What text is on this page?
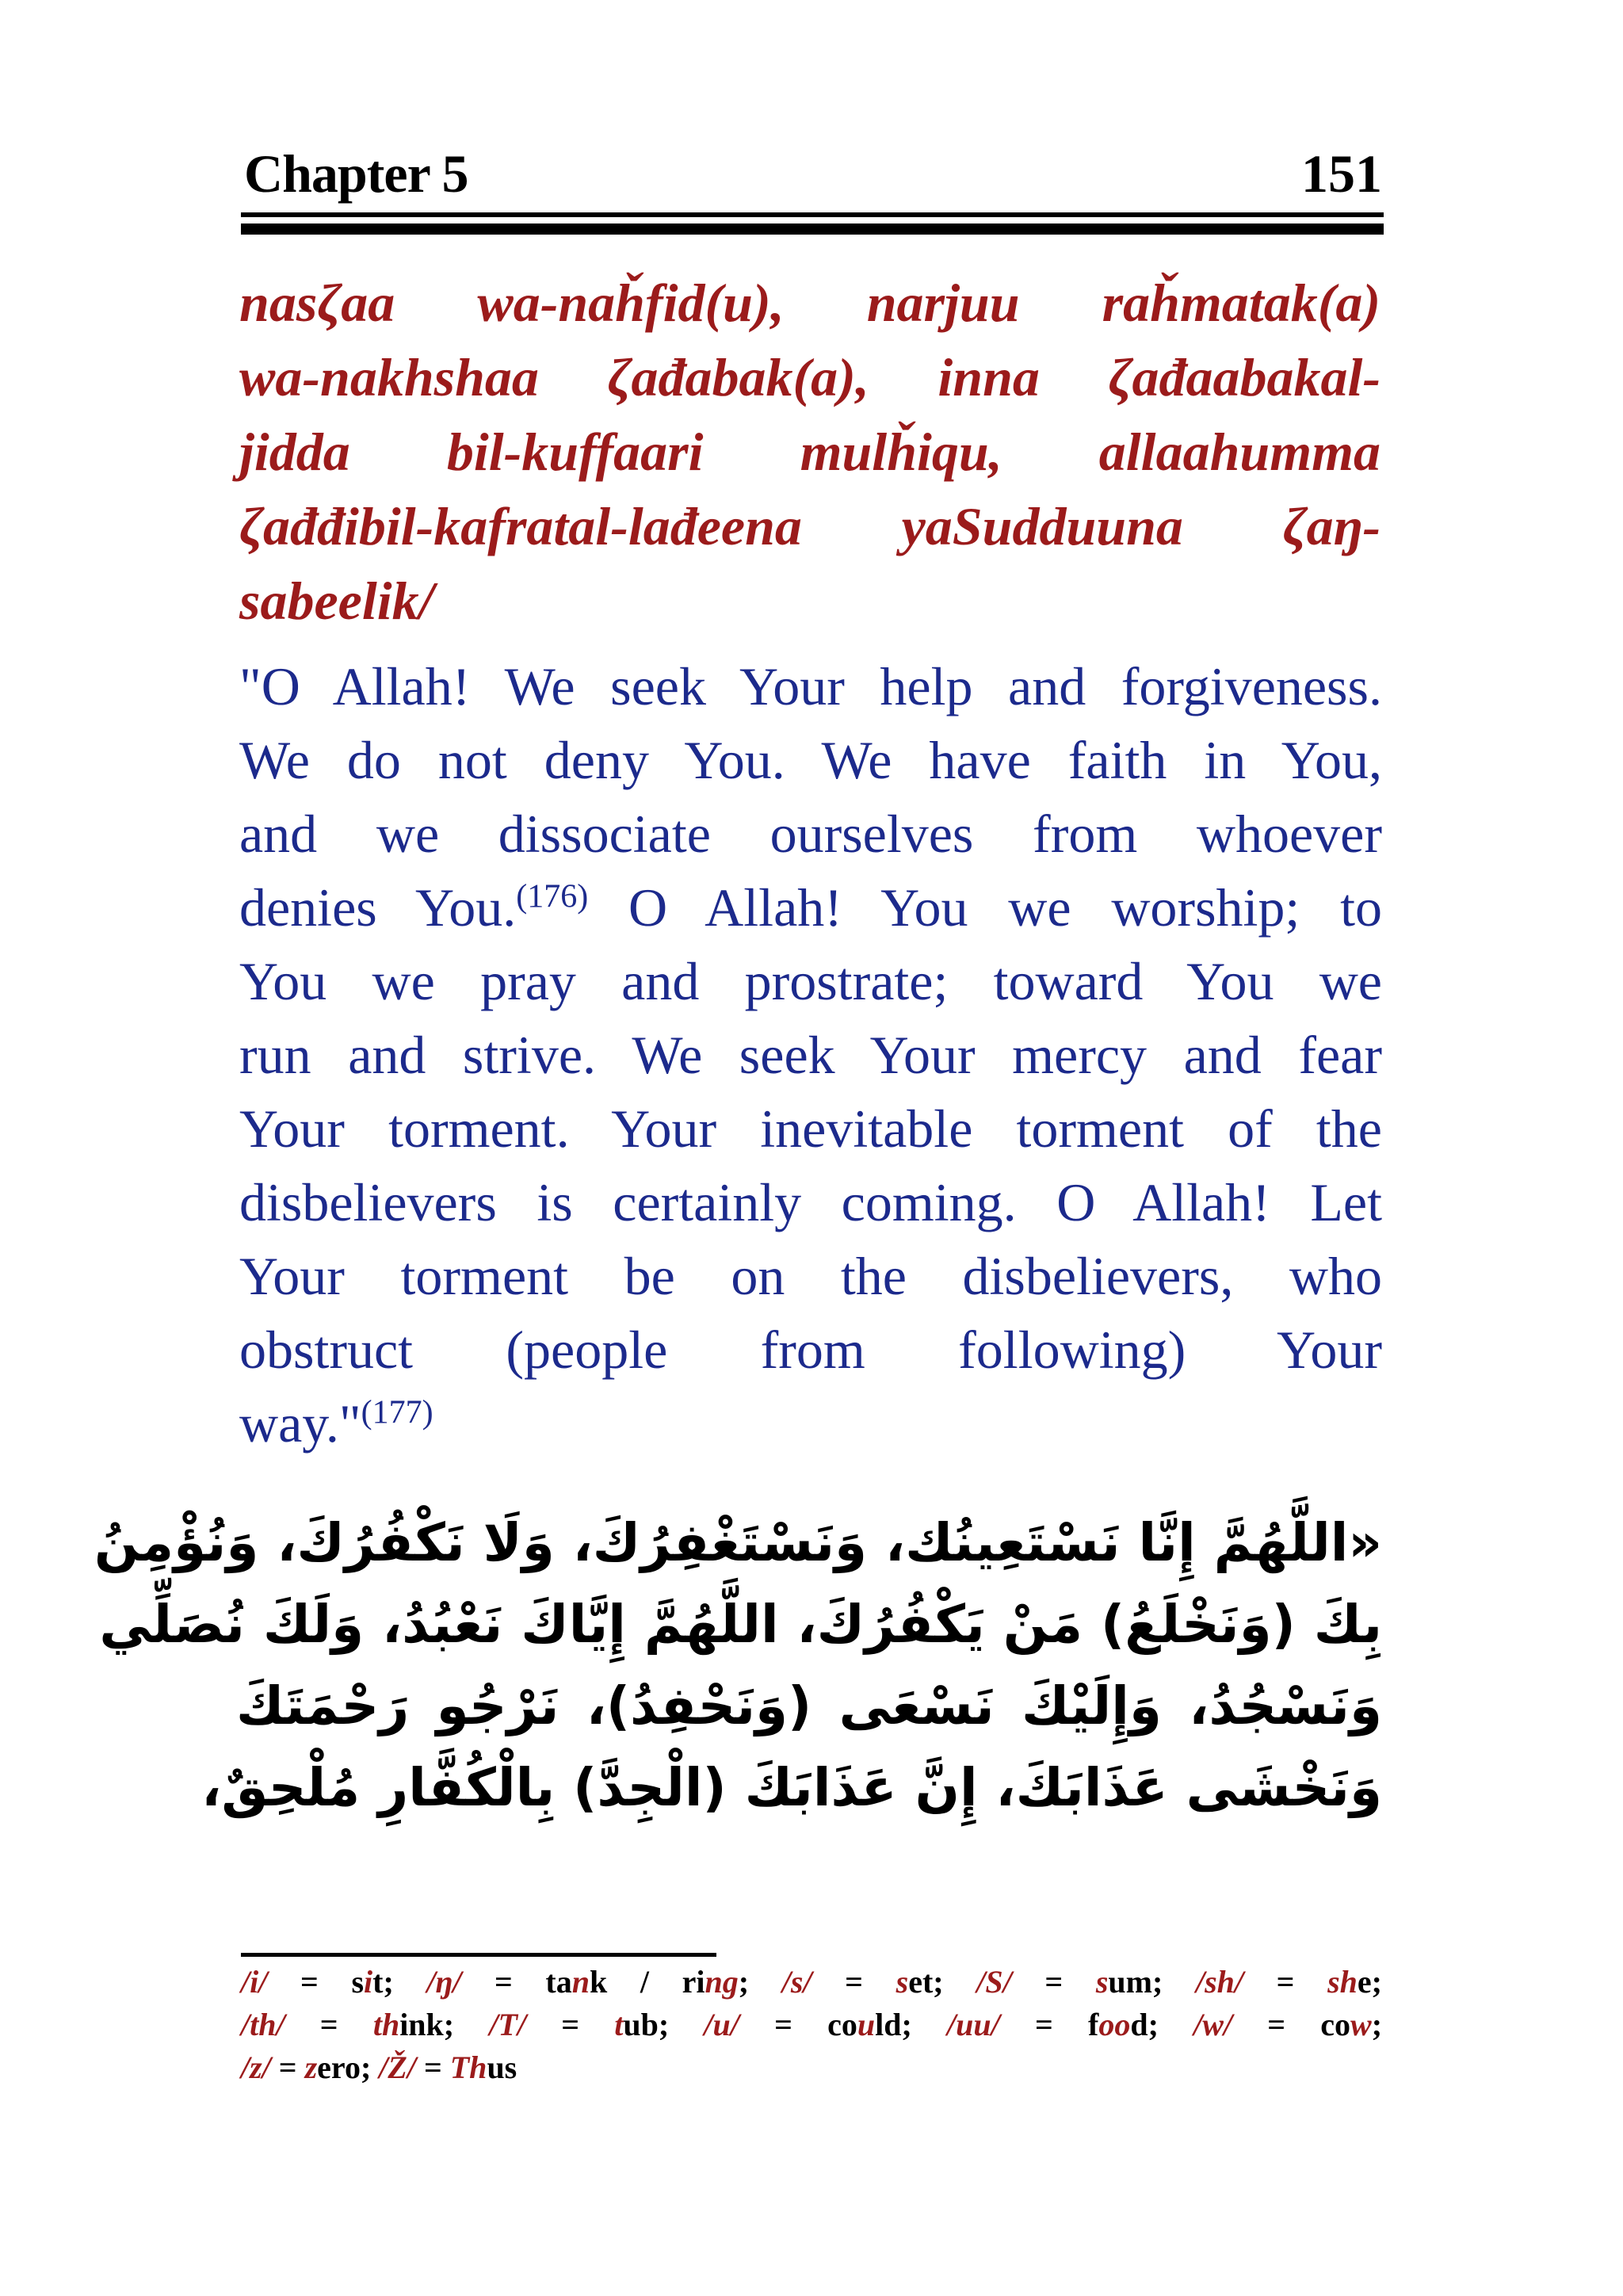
Chapter 5	151
nasζaa wa-naȟfid(u), narjuu raȟmatak(a)
wa-nakhshaa ζađabak(a), inna ζađaabakal-
jidda bil-kuffaari mulȟiqu, allaahumma
ζađđibil-kafratal-lađeena yaSudduuna ζaŋ-
sabeelik/
"O Allah! We seek Your help and forgiveness.
We do not deny You. We have faith in You,
and we dissociate ourselves from whoever
denies You.$^{(176)}$ O Allah! You we worship; to
You we pray and prostrate; toward You we
run and strive. We seek Your mercy and fear
Your torment. Your inevitable torment of the
disbelievers is certainly coming. O Allah! Let
Your torment be on the disbelievers, who
obstruct (people from following) Your
way."$^{(177)}$
«اللَّهُمَّ إِنَّا نَسْتَعِينُك، وَنَسْتَغْفِرُكَ، وَلَا نَكْفُرُكَ، وَنُؤْمِنُ
بِكَ (وَنَخْلَعُ) مَنْ يَكْفُرُكَ، اللَّهُمَّ إِيَّاكَ نَعْبُدُ، وَلَكَ نُصَلِّي
وَنَسْجُدُ، وَإِلَيْكَ نَسْعَى (وَنَحْفِدُ)، نَرْجُو رَحْمَتَكَ
وَنَخْشَى عَذَابَكَ، إِنَّ عَذَابَكَ (الْجِدَّ) بِالْكُفَّارِ مُلْحِقٌ،
/i/ = sit; /ŋ/ = tank / ring; /s/ = set; /S/ = sum; /sh/ = she;
/th/ = think; /T/ = tub; /u/ = could; /uu/ = food; /w/ = cow;
/z/ = zero; /Ž/ = Thus
